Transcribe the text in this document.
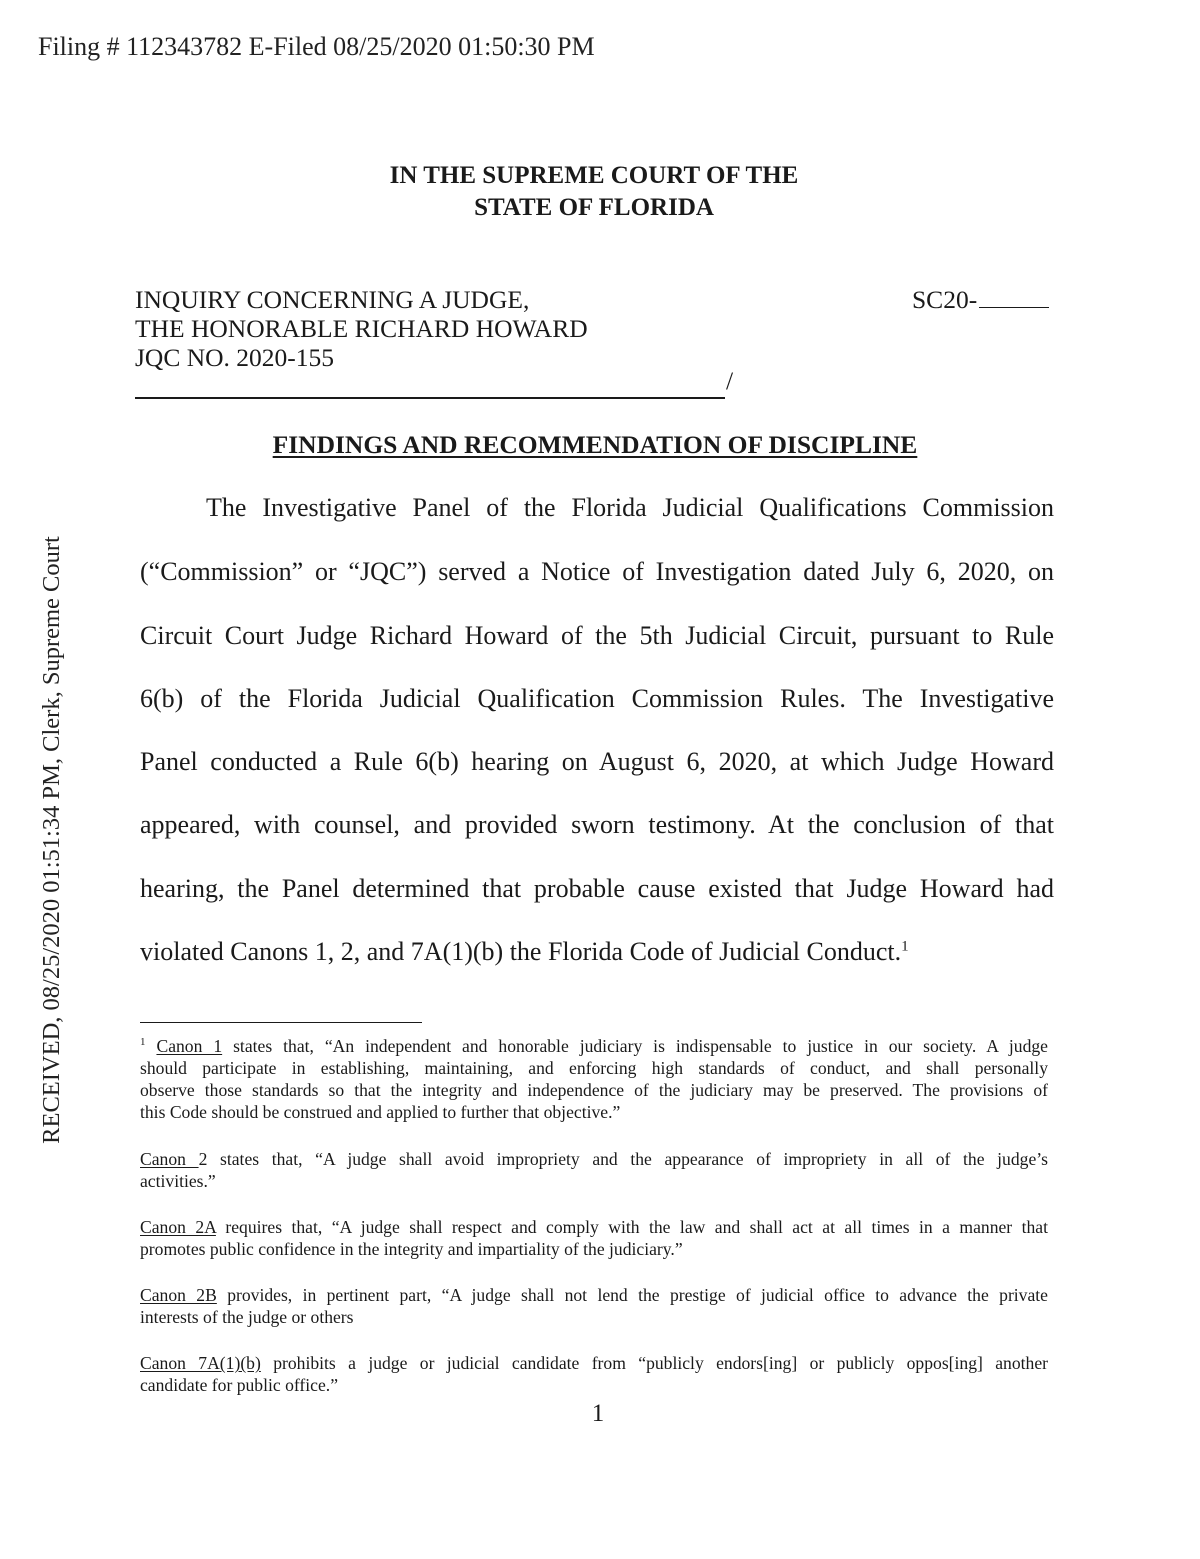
Filing # 112343782 E-Filed 08/25/2020 01:50:30 PM
RECEIVED, 08/25/2020 01:51:34 PM, Clerk, Supreme Court
IN THE SUPREME COURT OF THE
STATE OF FLORIDA
INQUIRY CONCERNING A JUDGE,
THE HONORABLE RICHARD HOWARD
JQC NO. 2020-155
SC20-
/
FINDINGS AND RECOMMENDATION OF DISCIPLINE
The Investigative Panel of the Florida Judicial Qualifications Commission
(“Commission” or “JQC”) served a Notice of Investigation dated July 6, 2020, on
Circuit Court Judge Richard Howard of the 5th Judicial Circuit, pursuant to Rule
6(b) of the Florida Judicial Qualification Commission Rules. The Investigative
Panel conducted a Rule 6(b) hearing on August 6, 2020, at which Judge Howard
appeared, with counsel, and provided sworn testimony. At the conclusion of that
hearing, the Panel determined that probable cause existed that Judge Howard had
violated Canons 1, 2, and 7A(1)(b) the Florida Code of Judicial Conduct.$^1$
$^1$ Canon 1 states that, “An independent and honorable judiciary is indispensable to justice in our society. A judge
should participate in establishing, maintaining, and enforcing high standards of conduct, and shall personally
observe those standards so that the integrity and independence of the judiciary may be preserved. The provisions of
this Code should be construed and applied to further that objective.”
Canon 2 states that, “A judge shall avoid impropriety and the appearance of impropriety in all of the judge’s
activities.”
Canon 2A requires that, “A judge shall respect and comply with the law and shall act at all times in a manner that
promotes public confidence in the integrity and impartiality of the judiciary.”
Canon 2B provides, in pertinent part, “A judge shall not lend the prestige of judicial office to advance the private
interests of the judge or others
Canon 7A(1)(b) prohibits a judge or judicial candidate from “publicly endors[ing] or publicly oppos[ing] another
candidate for public office.”
1
